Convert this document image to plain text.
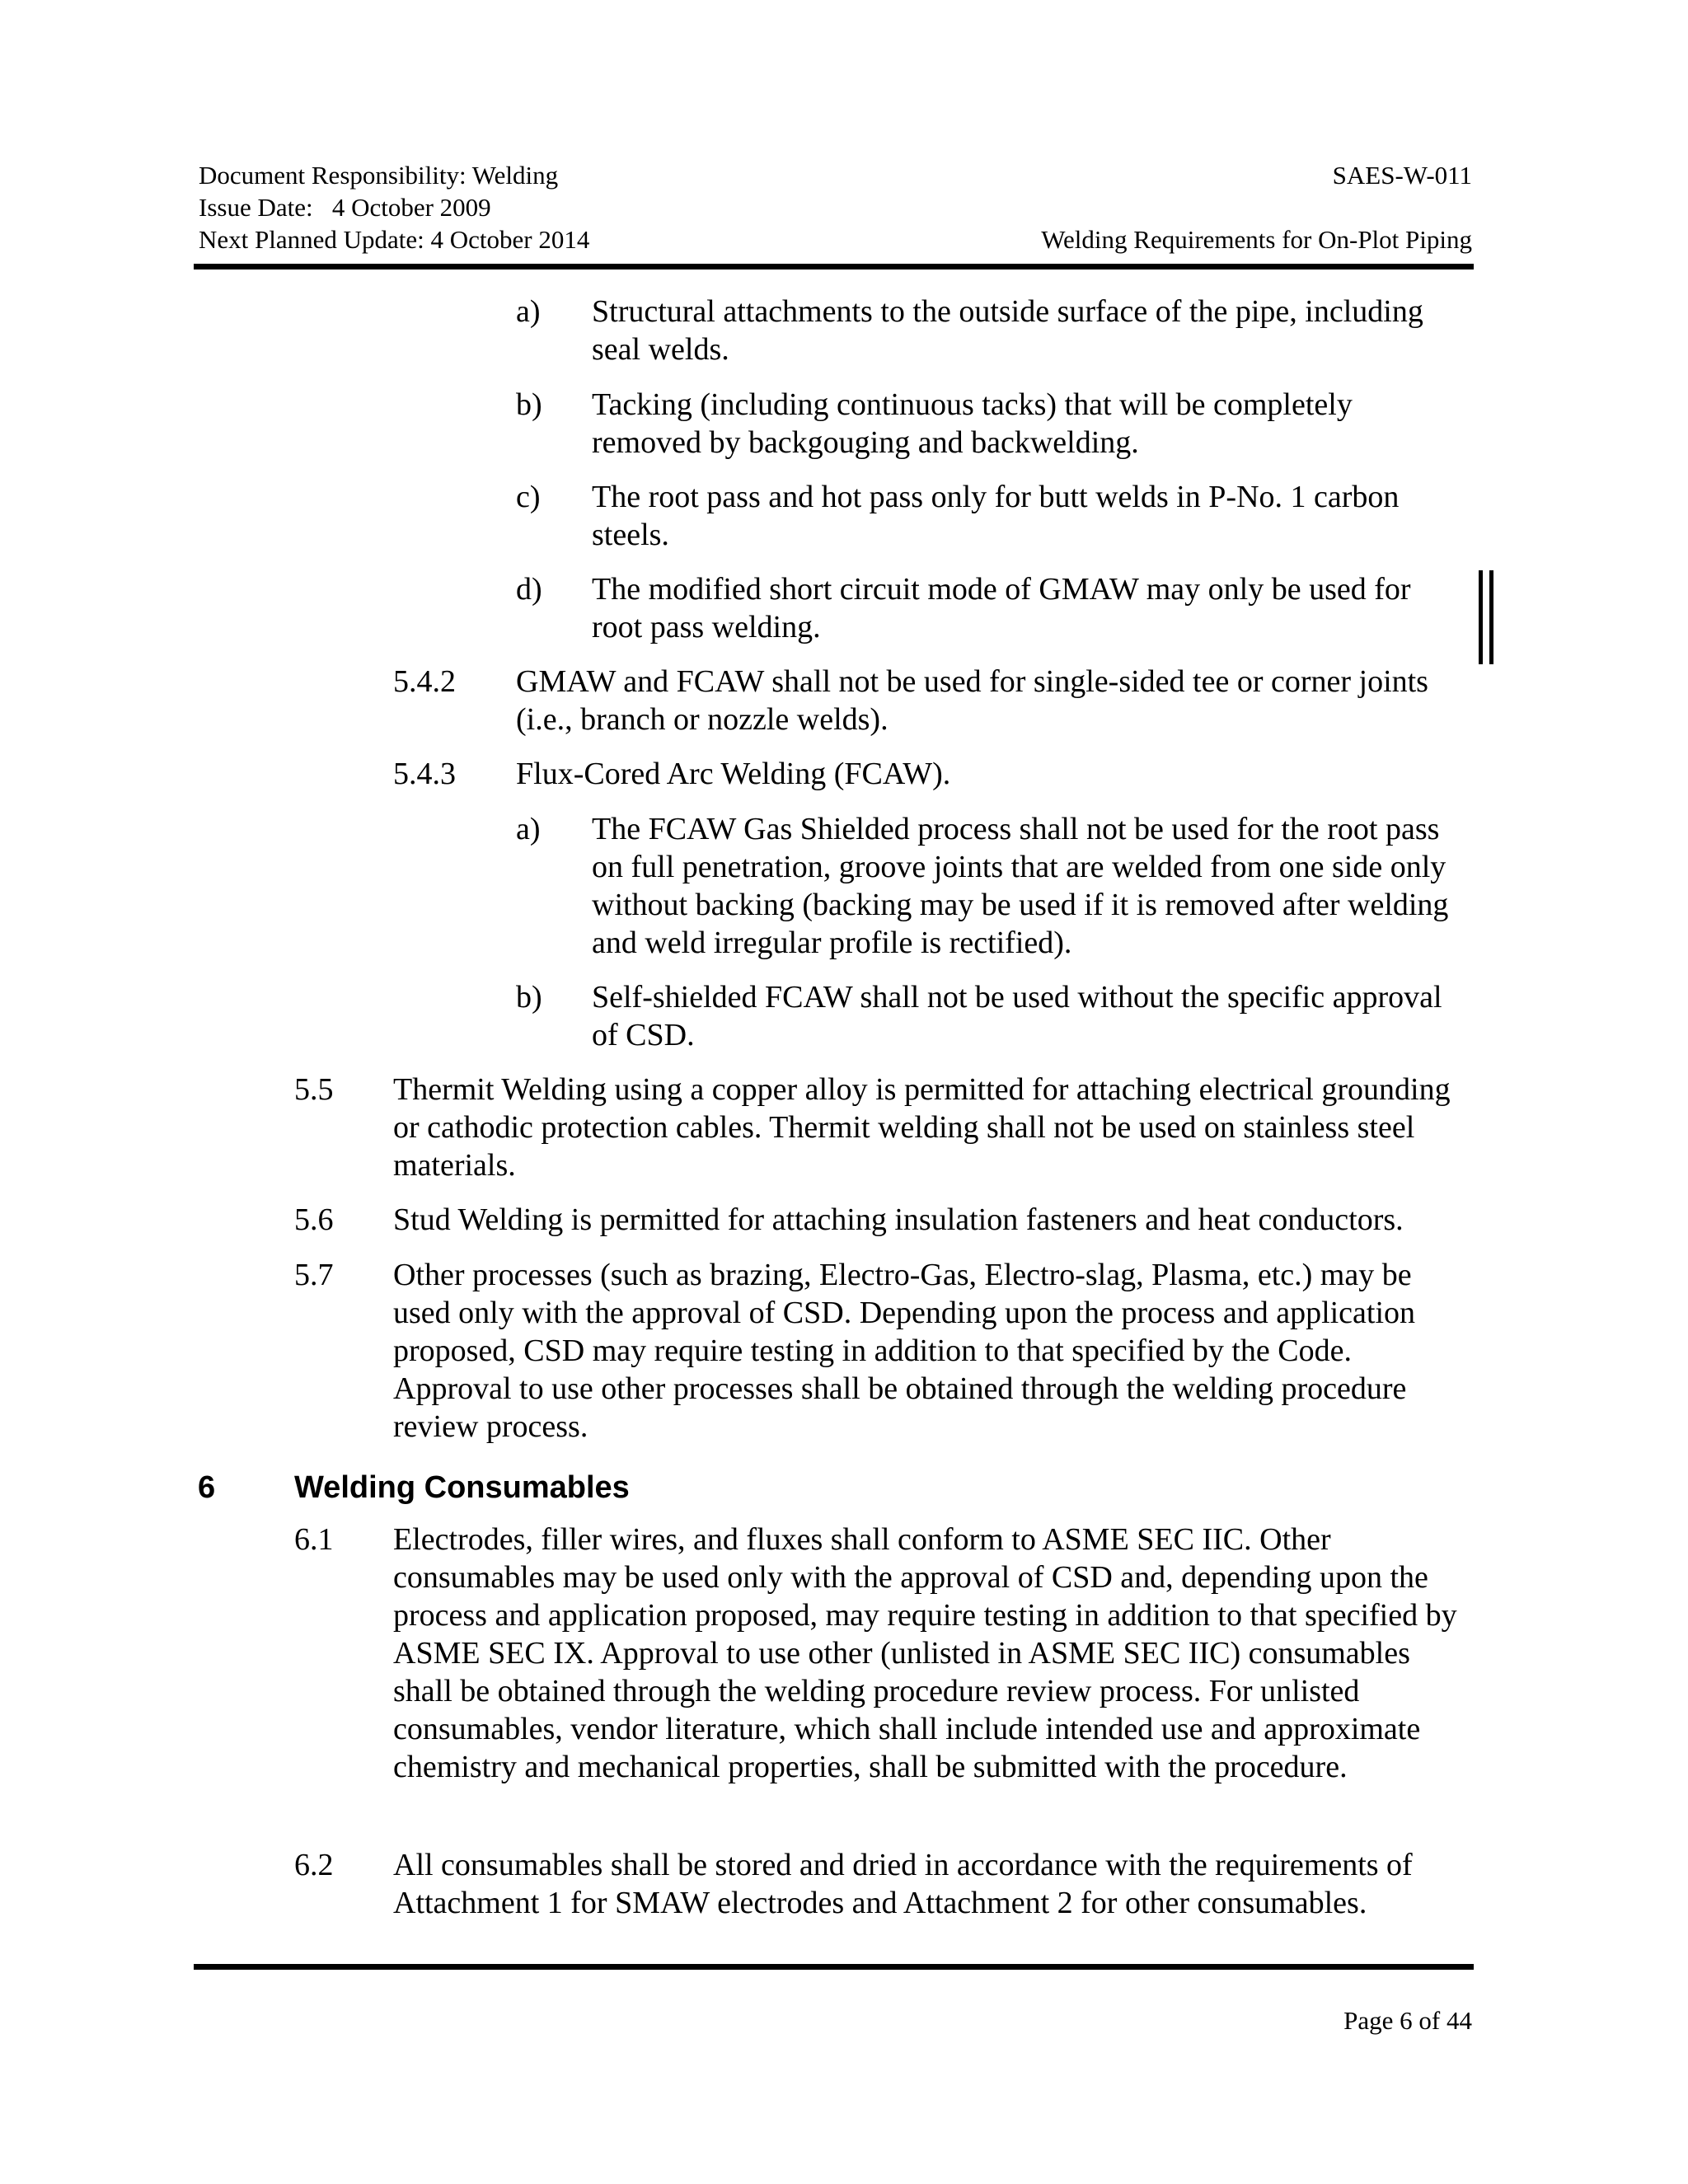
Document Responsibility: Welding
Issue Date:   4 October 2009
Next Planned Update: 4 October 2014
SAES-W-011
Welding Requirements for On-Plot Piping
a) Structural attachments to the outside surface of the pipe, including seal welds.
b) Tacking (including continuous tacks) that will be completely removed by backgouging and backwelding.
c) The root pass and hot pass only for butt welds in P-No. 1 carbon steels.
d) The modified short circuit mode of GMAW may only be used for root pass welding.
5.4.2 GMAW and FCAW shall not be used for single-sided tee or corner joints (i.e., branch or nozzle welds).
5.4.3 Flux-Cored Arc Welding (FCAW).
a) The FCAW Gas Shielded process shall not be used for the root pass on full penetration, groove joints that are welded from one side only without backing (backing may be used if it is removed after welding and weld irregular profile is rectified).
b) Self-shielded FCAW shall not be used without the specific approval of CSD.
5.5 Thermit Welding using a copper alloy is permitted for attaching electrical grounding or cathodic protection cables. Thermit welding shall not be used on stainless steel materials.
5.6 Stud Welding is permitted for attaching insulation fasteners and heat conductors.
5.7 Other processes (such as brazing, Electro-Gas, Electro-slag, Plasma, etc.) may be used only with the approval of CSD. Depending upon the process and application proposed, CSD may require testing in addition to that specified by the Code. Approval to use other processes shall be obtained through the welding procedure review process.
6	Welding Consumables
6.1 Electrodes, filler wires, and fluxes shall conform to ASME SEC IIC. Other consumables may be used only with the approval of CSD and, depending upon the process and application proposed, may require testing in addition to that specified by ASME SEC IX. Approval to use other (unlisted in ASME SEC IIC) consumables shall be obtained through the welding procedure review process. For unlisted consumables, vendor literature, which shall include intended use and approximate chemistry and mechanical properties, shall be submitted with the procedure.
6.2 All consumables shall be stored and dried in accordance with the requirements of Attachment 1 for SMAW electrodes and Attachment 2 for other consumables.
Page 6 of 44
